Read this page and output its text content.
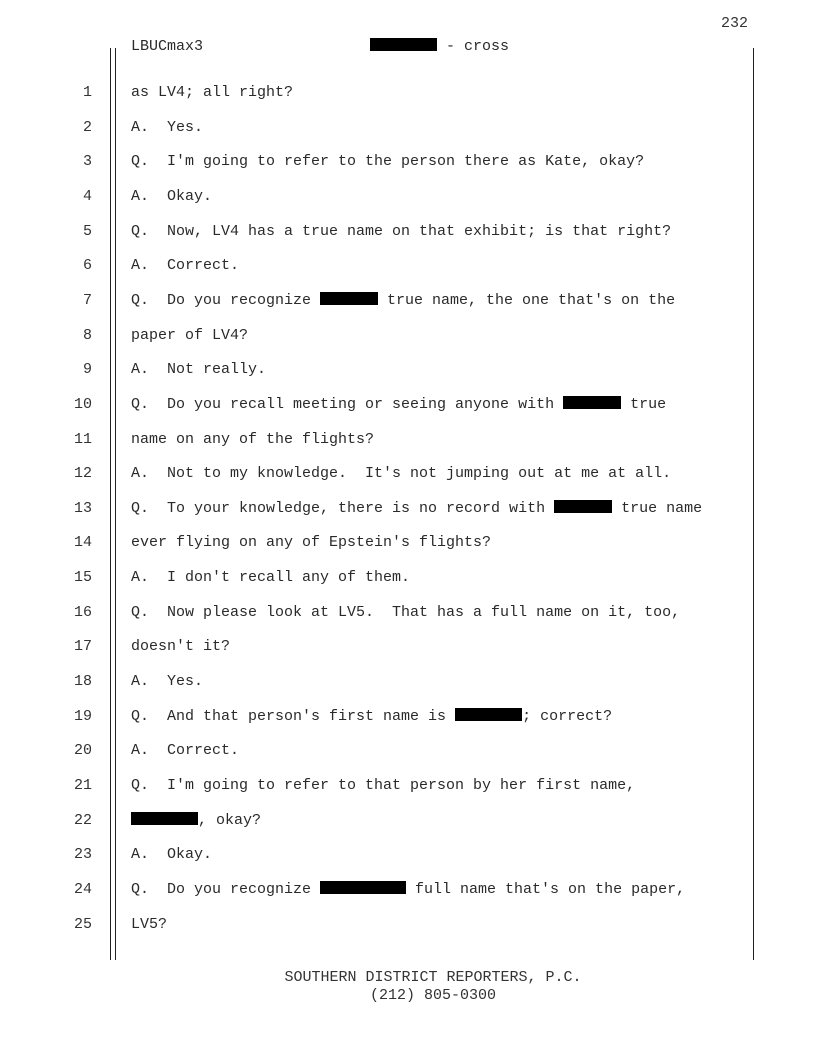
232
LBUCmax3	- cross
1	as LV4; all right?
2	A.  Yes.
3	Q.  I'm going to refer to the person there as Kate, okay?
4	A.  Okay.
5	Q.  Now, LV4 has a true name on that exhibit; is that right?
6	A.  Correct.
7	Q.  Do you recognize	true name, the one that's on the
8	paper of LV4?
9	A.  Not really.
10	Q.  Do you recall meeting or seeing anyone with	true
11	name on any of the flights?
12	A.  Not to my knowledge.  It's not jumping out at me at all.
13	Q.  To your knowledge, there is no record with	true name
14	ever flying on any of Epstein's flights?
15	A.  I don't recall any of them.
16	Q.  Now please look at LV5.  That has a full name on it, too,
17	doesn't it?
18	A.  Yes.
19	Q.  And that person's first name is	; correct?
20	A.  Correct.
21	Q.  I'm going to refer to that person by her first name,
22	, okay?
23	A.  Okay.
24	Q.  Do you recognize	full name that's on the paper,
25	LV5?
SOUTHERN DISTRICT REPORTERS, P.C.
(212) 805-0300
